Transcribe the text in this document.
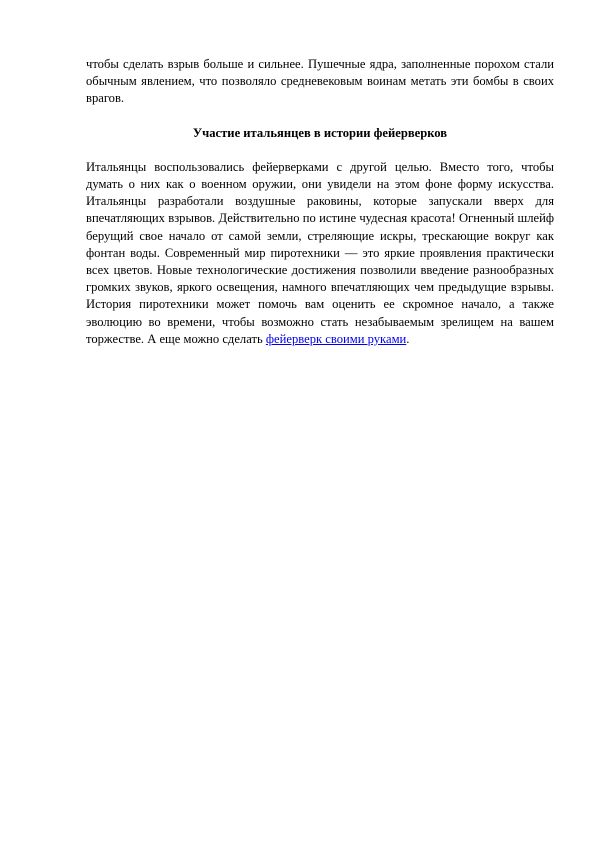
чтобы сделать взрыв больше и сильнее. Пушечные ядра, заполненные порохом стали обычным явлением, что позволяло средневековым воинам метать эти бомбы в своих врагов.

Участие итальянцев в истории фейерверков

Итальянцы воспользовались фейерверками с другой целью. Вместо того, чтобы думать о них как о военном оружии, они увидели на этом фоне форму искусства. Итальянцы разработали воздушные раковины, которые запускали вверх для впечатляющих взрывов. Действительно по истине чудесная красота! Огненный шлейф берущий свое начало от самой земли, стреляющие искры, трескающие вокруг как фонтан воды. Современный мир пиротехники — это яркие проявления практически всех цветов. Новые технологические достижения позволили введение разнообразных громких звуков, яркого освещения, намного впечатляющих чем предыдущие взрывы. История пиротехники может помочь вам оценить ее скромное начало, а также эволюцию во времени, чтобы возможно стать незабываемым зрелищем на вашем торжестве. А еще можно сделать фейерверк своими руками.
